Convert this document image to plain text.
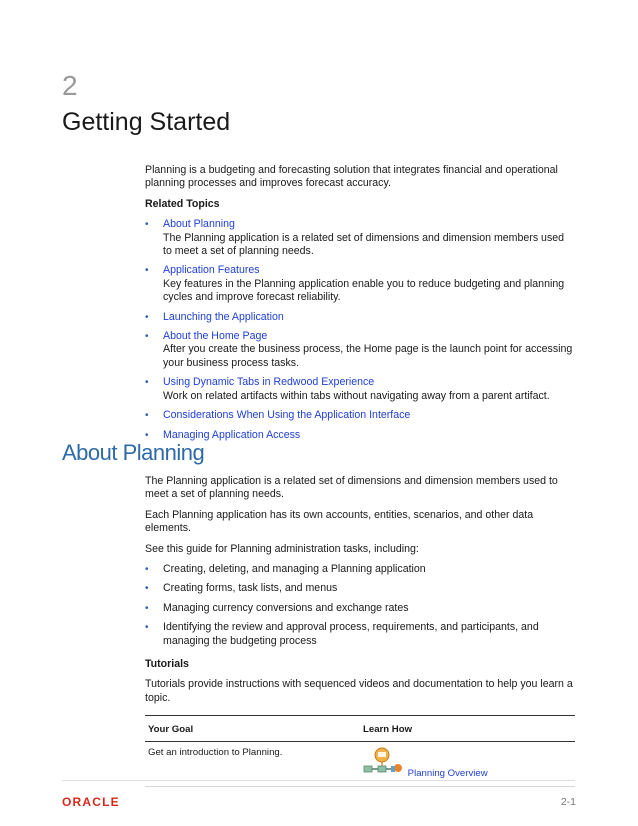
2
Getting Started

Planning is a budgeting and forecasting solution that integrates financial and operational planning processes and improves forecast accuracy.

Related Topics
• About Planning
The Planning application is a related set of dimensions and dimension members used to meet a set of planning needs.
• Application Features
Key features in the Planning application enable you to reduce budgeting and planning cycles and improve forecast reliability.
• Launching the Application
• About the Home Page
After you create the business process, the Home page is the launch point for accessing your business process tasks.
• Using Dynamic Tabs in Redwood Experience
Work on related artifacts within tabs without navigating away from a parent artifact.
• Considerations When Using the Application Interface
• Managing Application Access
About Planning

The Planning application is a related set of dimensions and dimension members used to meet a set of planning needs.

Each Planning application has its own accounts, entities, scenarios, and other data elements.

See this guide for Planning administration tasks, including:

• Creating, deleting, and managing a Planning application
• Creating forms, task lists, and menus
• Managing currency conversions and exchange rates
• Identifying the review and approval process, requirements, and participants, and managing the budgeting process
Tutorials

Tutorials provide instructions with sequenced videos and documentation to help you learn a topic.

Your Goal	Learn How
Get an introduction to Planning.	Planning Overview
ORACLE	2-1
